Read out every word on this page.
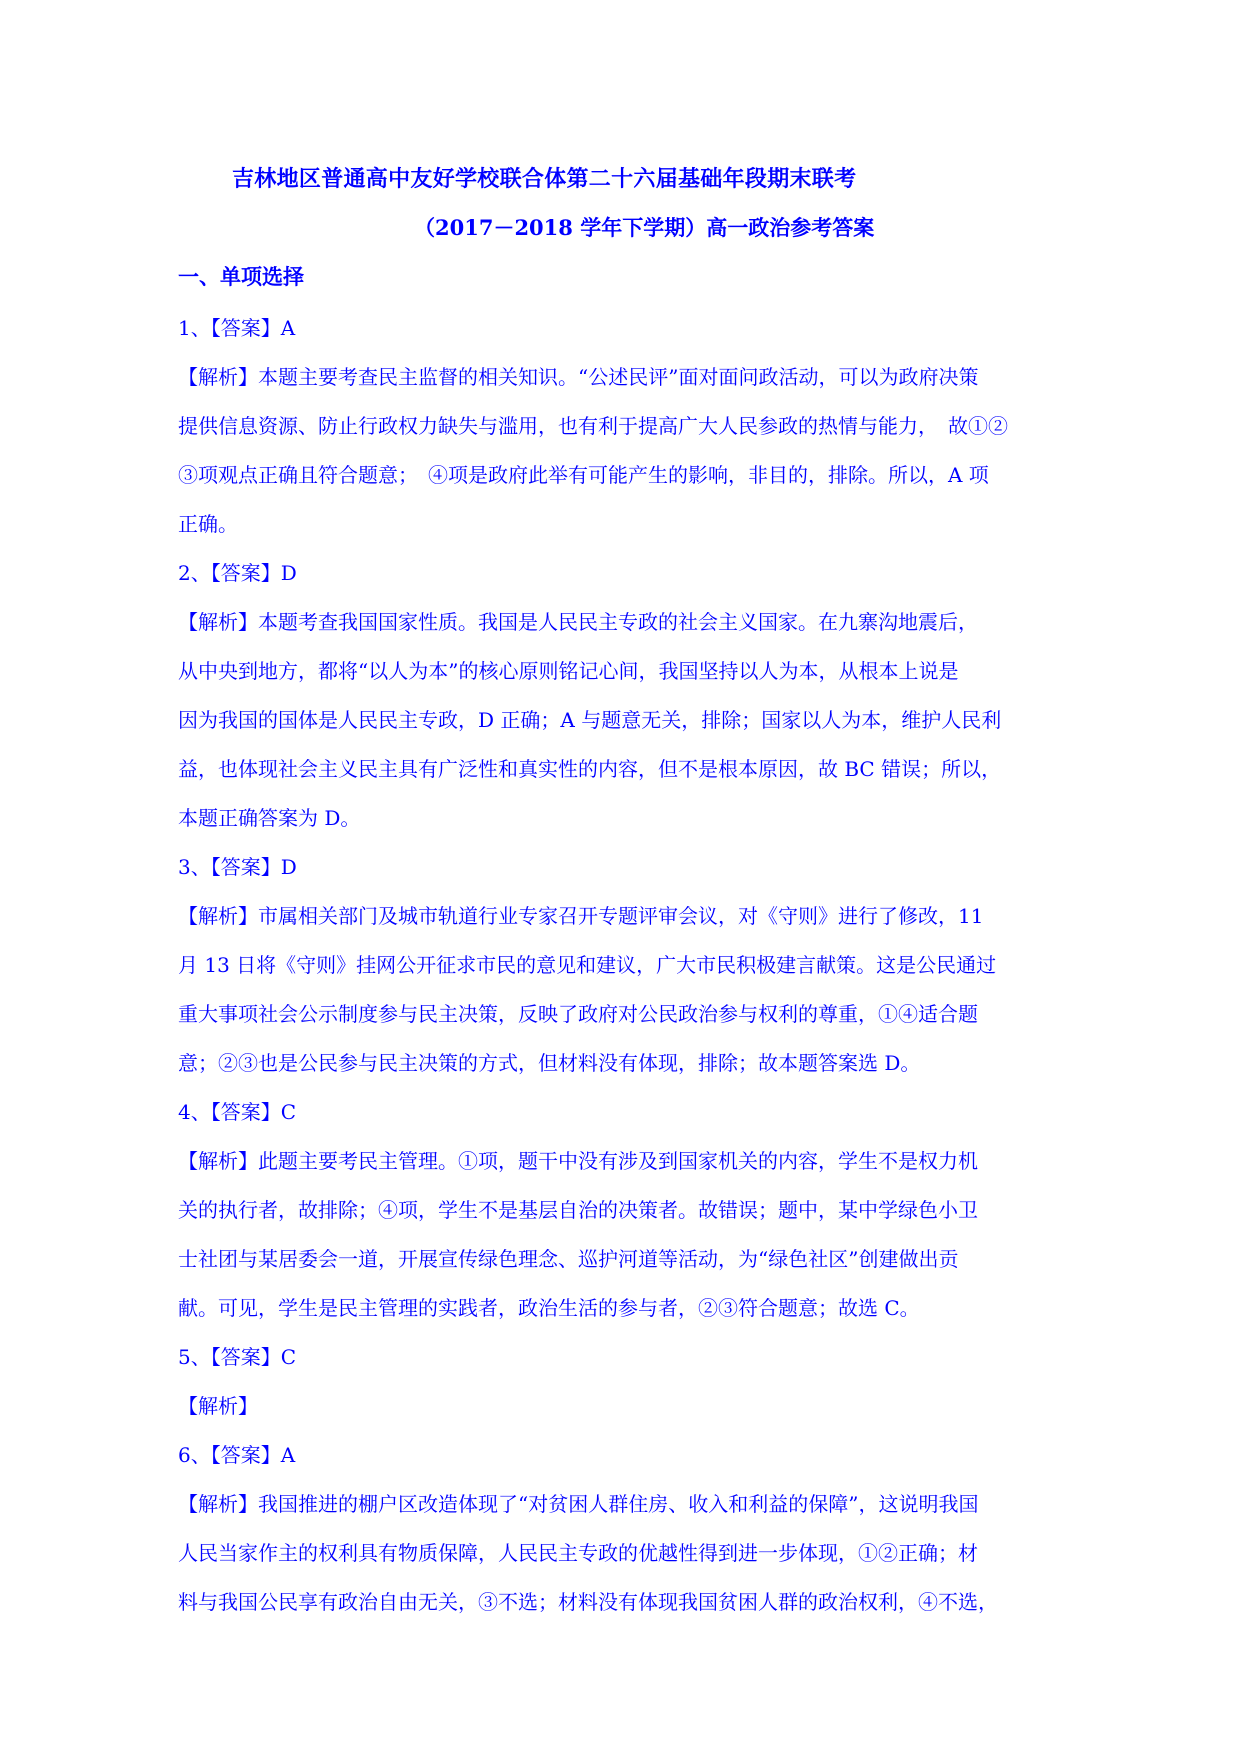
吉林地区普通高中友好学校联合体第二十六届基础年段期末联考
（2017－2018 学年下学期）高一政治参考答案
一、单项选择
1、【答案】A
【解析】本题主要考查民主监督的相关知识。“公述民评”面对面问政活动，可以为政府决策
提供信息资源、防止行政权力缺失与滥用，也有利于提高广大人民参政的热情与能力，　故①②
③项观点正确且符合题意；　④项是政府此举有可能产生的影响，非目的，排除。所以，A 项
正确。
2、【答案】D
【解析】本题考查我国国家性质。我国是人民民主专政的社会主义国家。在九寨沟地震后，
从中央到地方，都将“以人为本”的核心原则铭记心间，我国坚持以人为本，从根本上说是
因为我国的国体是人民民主专政，D 正确；A 与题意无关，排除；国家以人为本，维护人民利
益，也体现社会主义民主具有广泛性和真实性的内容，但不是根本原因，故 BC 错误；所以，
本题正确答案为 D。
3、【答案】D
【解析】市属相关部门及城市轨道行业专家召开专题评审会议，对《守则》进行了修改，11
月 13 日将《守则》挂网公开征求市民的意见和建议，广大市民积极建言献策。这是公民通过
重大事项社会公示制度参与民主决策，反映了政府对公民政治参与权利的尊重，①④适合题
意；②③也是公民参与民主决策的方式，但材料没有体现，排除；故本题答案选 D。
4、【答案】C
【解析】此题主要考民主管理。①项，题干中没有涉及到国家机关的内容，学生不是权力机
关的执行者，故排除；④项，学生不是基层自治的决策者。故错误；题中，某中学绿色小卫
士社团与某居委会一道，开展宣传绿色理念、巡护河道等活动，为“绿色社区”创建做出贡
献。可见，学生是民主管理的实践者，政治生活的参与者，②③符合题意；故选 C。
5、【答案】C
【解析】
6、【答案】A
【解析】我国推进的棚户区改造体现了“对贫困人群住房、收入和利益的保障”，这说明我国
人民当家作主的权利具有物质保障，人民民主专政的优越性得到进一步体现，①②正确；材
料与我国公民享有政治自由无关，③不选；材料没有体现我国贫困人群的政治权利，④不选，
